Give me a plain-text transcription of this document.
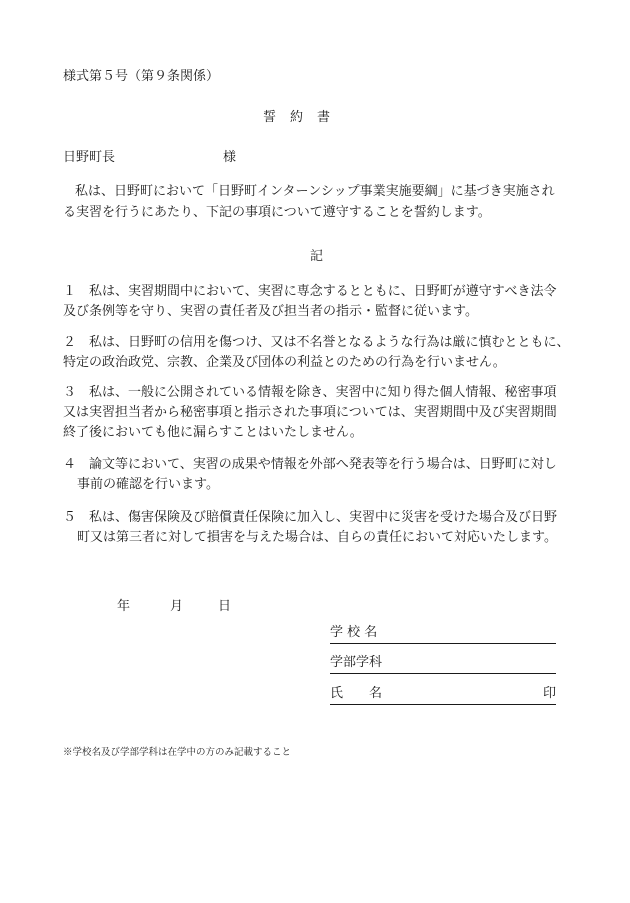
様式第５号（第９条関係）
誓約書
日野町長	様
私は、日野町において「日野町インターンシップ事業実施要綱」に基づき実施され
る実習を行うにあたり、下記の事項について遵守することを誓約します。
記
１　私は、実習期間中において、実習に専念するとともに、日野町が遵守すべき法令
及び条例等を守り、実習の責任者及び担当者の指示・監督に従います。
２　私は、日野町の信用を傷つけ、又は不名誉となるような行為は厳に慎むとともに、
特定の政治政党、宗教、企業及び団体の利益とのための行為を行いません。
３　私は、一般に公開されている情報を除き、実習中に知り得た個人情報、秘密事項
又は実習担当者から秘密事項と指示された事項については、実習期間中及び実習期間
終了後においても他に漏らすことはいたしません。
４　論文等において、実習の成果や情報を外部へ発表等を行う場合は、日野町に対し
事前の確認を行います。
５　私は、傷害保険及び賠償責任保険に加入し、実習中に災害を受けた場合及び日野
町又は第三者に対して損害を与えた場合は、自らの責任において対応いたします。
年	月	日
学 校 名
学部学科
氏　　名	印
※学校名及び学部学科は在学中の方のみ記載すること
